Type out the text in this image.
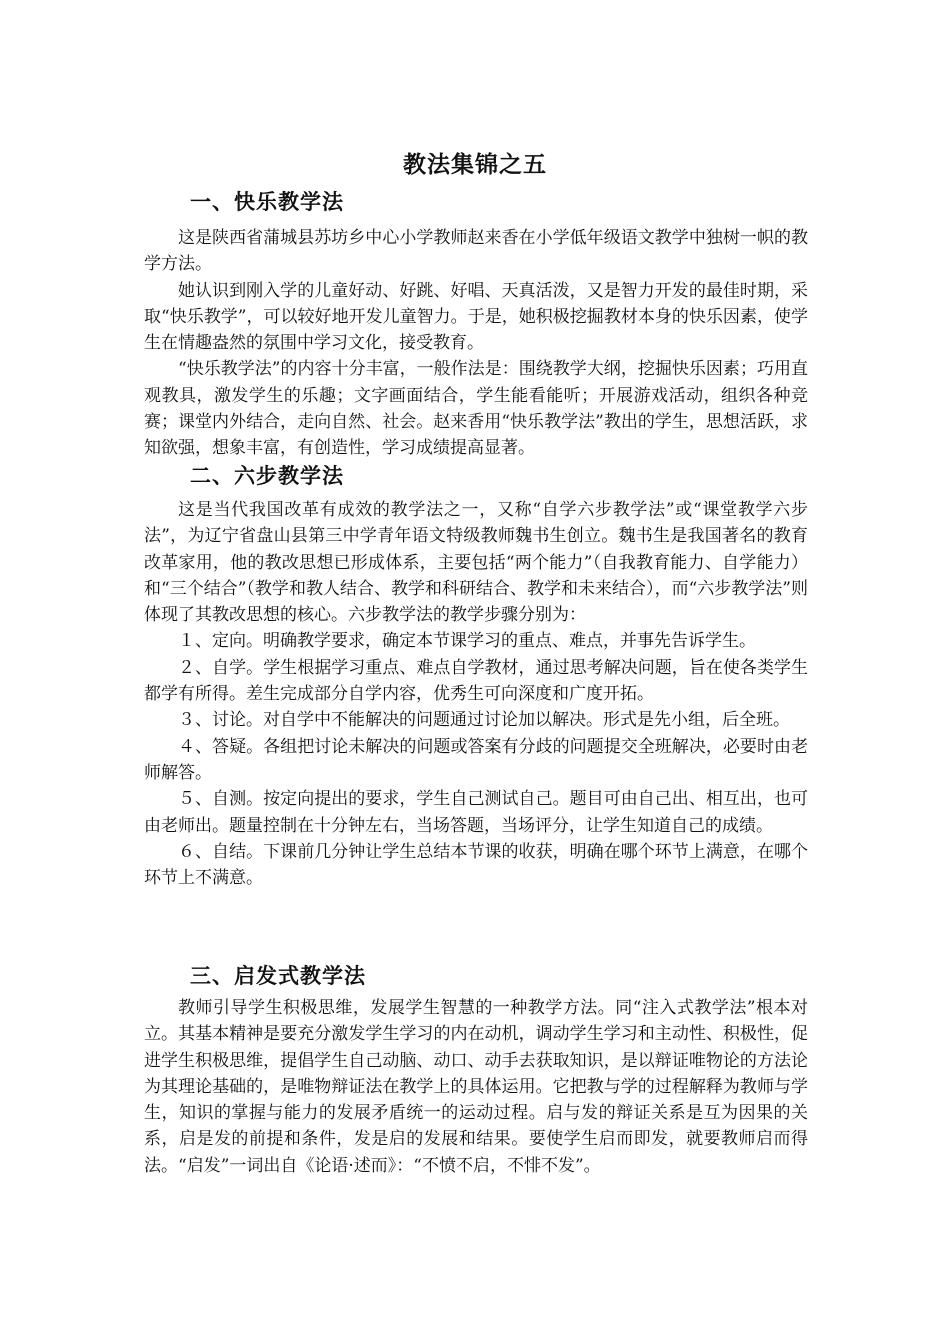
教法集锦之五
一、快乐教学法

这是陕西省蒲城县苏坊乡中心小学教师赵来香在小学低年级语文教学中独树一帜的教学方法。

她认识到刚入学的儿童好动、好跳、好唱、天真活泼，又是智力开发的最佳时期，采取“快乐教学”，可以较好地开发儿童智力。于是，她积极挖掘教材本身的快乐因素，使学生在情趣盎然的氛围中学习文化，接受教育。

“快乐教学法”的内容十分丰富，一般作法是：围绕教学大纲，挖掘快乐因素；巧用直观教具，激发学生的乐趣；文字画面结合，学生能看能听；开展游戏活动，组织各种竞赛；课堂内外结合，走向自然、社会。赵来香用“快乐教学法”教出的学生，思想活跃，求知欲强，想象丰富，有创造性，学习成绩提高显著。

二、六步教学法

这是当代我国改革有成效的教学法之一，又称“自学六步教学法”或“课堂教学六步法”，为辽宁省盘山县第三中学青年语文特级教师魏书生创立。魏书生是我国著名的教育改革家用，他的教改思想已形成体系，主要包括“两个能力”（自我教育能力、自学能力）和“三个结合”（教学和教人结合、教学和科研结合、教学和未来结合），而“六步教学法”则体现了其教改思想的核心。六步教学法的教学步骤分别为：

１、定向。明确教学要求，确定本节课学习的重点、难点，并事先告诉学生。

２、自学。学生根据学习重点、难点自学教材，通过思考解决问题，旨在使各类学生都学有所得。差生完成部分自学内容，优秀生可向深度和广度开拓。

３、讨论。对自学中不能解决的问题通过讨论加以解决。形式是先小组，后全班。

４、答疑。各组把讨论未解决的问题或答案有分歧的问题提交全班解决，必要时由老师解答。

５、自测。按定向提出的要求，学生自己测试自己。题目可由自己出、相互出，也可由老师出。题量控制在十分钟左右，当场答题，当场评分，让学生知道自己的成绩。

６、自结。下课前几分钟让学生总结本节课的收获，明确在哪个环节上满意，在哪个环节上不满意。

三、启发式教学法

教师引导学生积极思维，发展学生智慧的一种教学方法。同“注入式教学法”根本对立。其基本精神是要充分激发学生学习的内在动机，调动学生学习和主动性、积极性，促进学生积极思维，提倡学生自己动脑、动口、动手去获取知识，是以辩证唯物论的方法论为其理论基础的，是唯物辩证法在教学上的具体运用。它把教与学的过程解释为教师与学生，知识的掌握与能力的发展矛盾统一的运动过程。启与发的辩证关系是互为因果的关系，启是发的前提和条件，发是启的发展和结果。要使学生启而即发，就要教师启而得法。“启发”一词出自《论语·述而》：“不愤不启，不悱不发”。
